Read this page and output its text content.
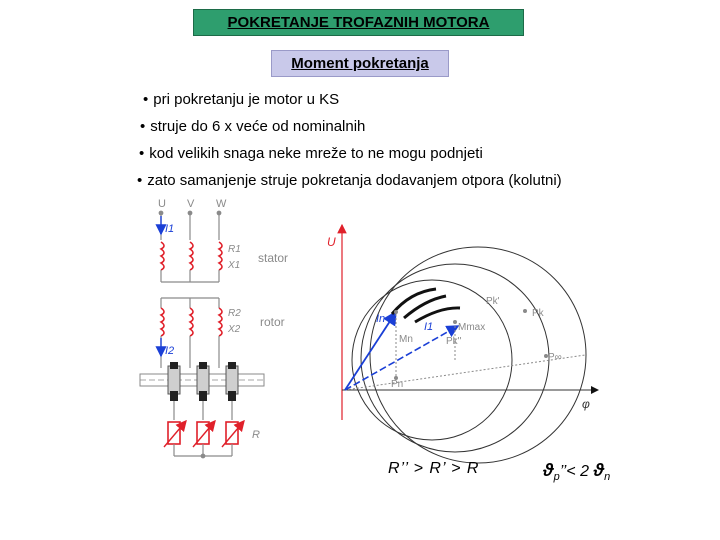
POKRETANJE TROFAZNIH MOTORA
Moment pokretanja
• pri pokretanju je motor u KS
• struje do 6 x veće od nominalnih
• kod velikih snaga neke mreže to ne mogu podnjeti
• zato samanjenje struje pokretanja dodavanjem otpora (kolutni)
U V W
I1
R1
X1
stator
R2
X2
rotor
I2
R
U
φ
In
I1
Mn
Mmax
Pk
Pk'
Pk''
P∞
Pn
R’’ > R’ > R	$ϑ_p’’< 2$ $ϑ_n$
